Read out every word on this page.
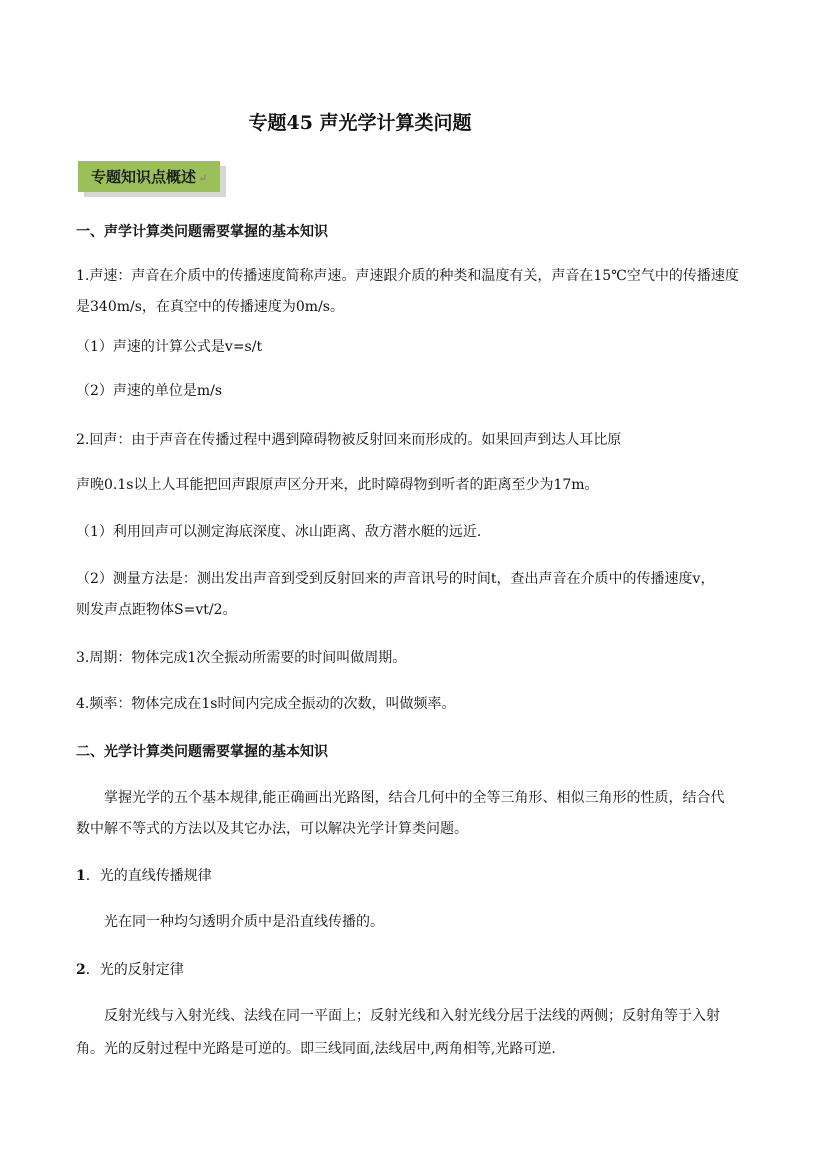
专题45 声光学计算类问题
专题知识点概述 ↵
一、声学计算类问题需要掌握的基本知识
1.声速：声音在介质中的传播速度简称声速。声速跟介质的种类和温度有关，声音在15℃空气中的传播速度
是340m/s，在真空中的传播速度为0m/s。
（1）声速的计算公式是v=s/t
（2）声速的单位是m/s
2.回声：由于声音在传播过程中遇到障碍物被反射回来而形成的。如果回声到达人耳比原
声晚0.1s以上人耳能把回声跟原声区分开来，此时障碍物到听者的距离至少为17m。
（1）利用回声可以测定海底深度、冰山距离、敌方潜水艇的远近.
（2）测量方法是：测出发出声音到受到反射回来的声音讯号的时间t，查出声音在介质中的传播速度v，
则发声点距物体S=vt/2。
3.周期：物体完成1次全振动所需要的时间叫做周期。
4.频率：物体完成在1s时间内完成全振动的次数，叫做频率。
二、光学计算类问题需要掌握的基本知识
掌握光学的五个基本规律,能正确画出光路图，结合几何中的全等三角形、相似三角形的性质，结合代
数中解不等式的方法以及其它办法，可以解决光学计算类问题。
1．光的直线传播规律
光在同一种均匀透明介质中是沿直线传播的。
2．光的反射定律
反射光线与入射光线、法线在同一平面上；反射光线和入射光线分居于法线的两侧；反射角等于入射
角。光的反射过程中光路是可逆的。即三线同面,法线居中,两角相等,光路可逆.
